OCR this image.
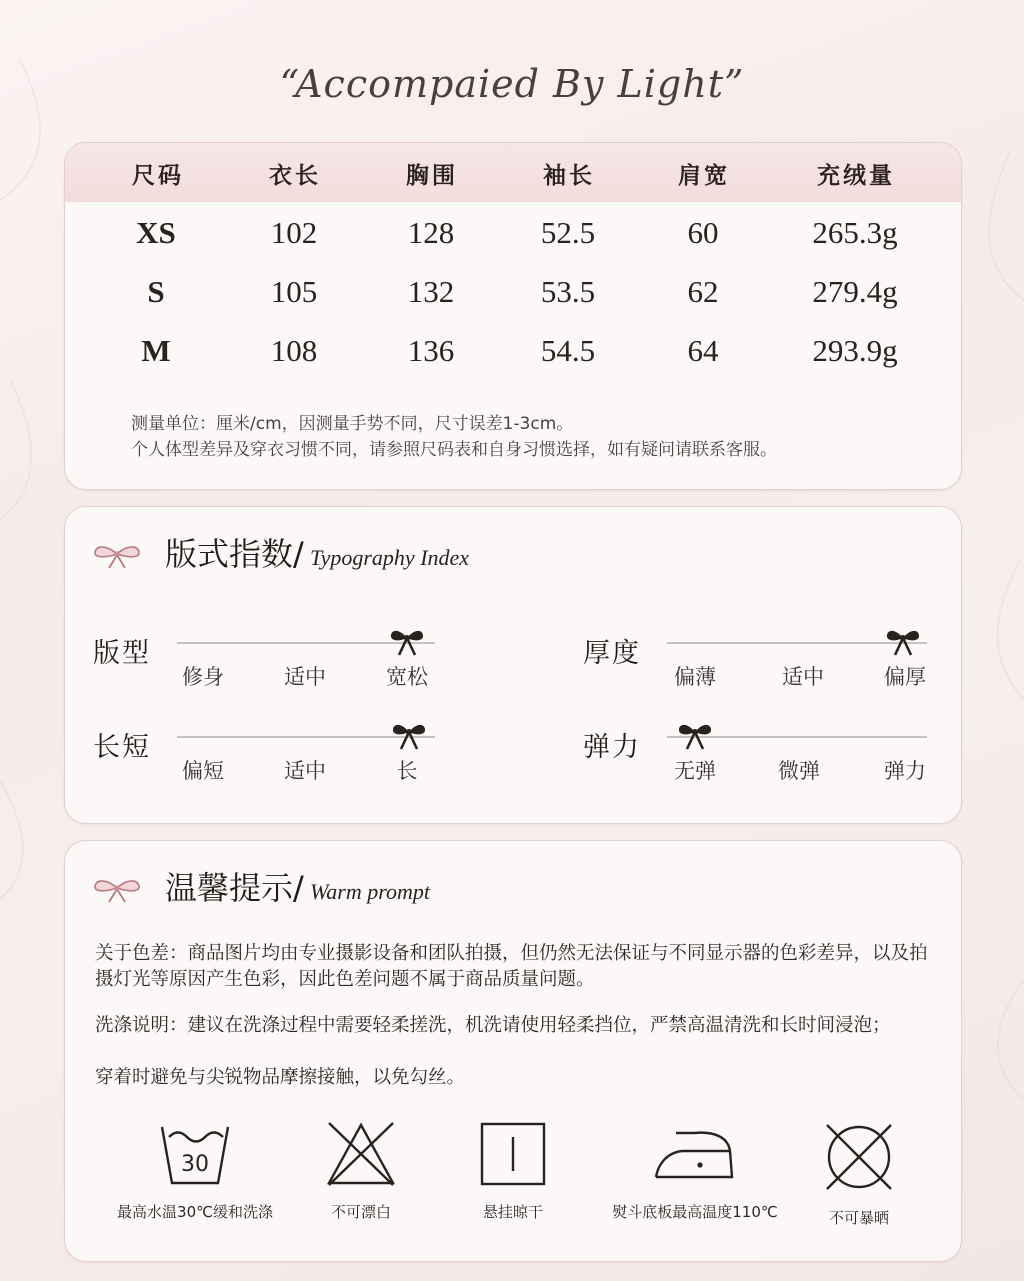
“Accompaied By Light”
尺码	衣长	胸围	袖长	肩宽	充绒量
XS	102	128	52.5	60	265.3g
S	105	132	53.5	62	279.4g
M	108	136	54.5	64	293.9g
测量单位：厘米/cm，因测量手势不同，尺寸误差1-3cm。
个人体型差异及穿衣习惯不同，请参照尺码表和自身习惯选择，如有疑问请联系客服。
版式指数/ Typography Index
版型
修身	适中	宽松
厚度
偏薄	适中	偏厚
长短
偏短	适中	长
弹力
无弹	微弹	弹力
温馨提示/ Warm prompt
关于色差：商品图片均由专业摄影设备和团队拍摄，但仍然无法保证与不同显示器的色彩差异，以及拍摄灯光等原因产生色彩，因此色差问题不属于商品质量问题。
洗涤说明：建议在洗涤过程中需要轻柔搓洗，机洗请使用轻柔挡位，严禁高温清洗和长时间浸泡；
穿着时避免与尖锐物品摩擦接触，以免勾丝。
30
最高水温30℃缓和洗涤	不可漂白	悬挂晾干	熨斗底板最高温度110℃	不可暴晒
